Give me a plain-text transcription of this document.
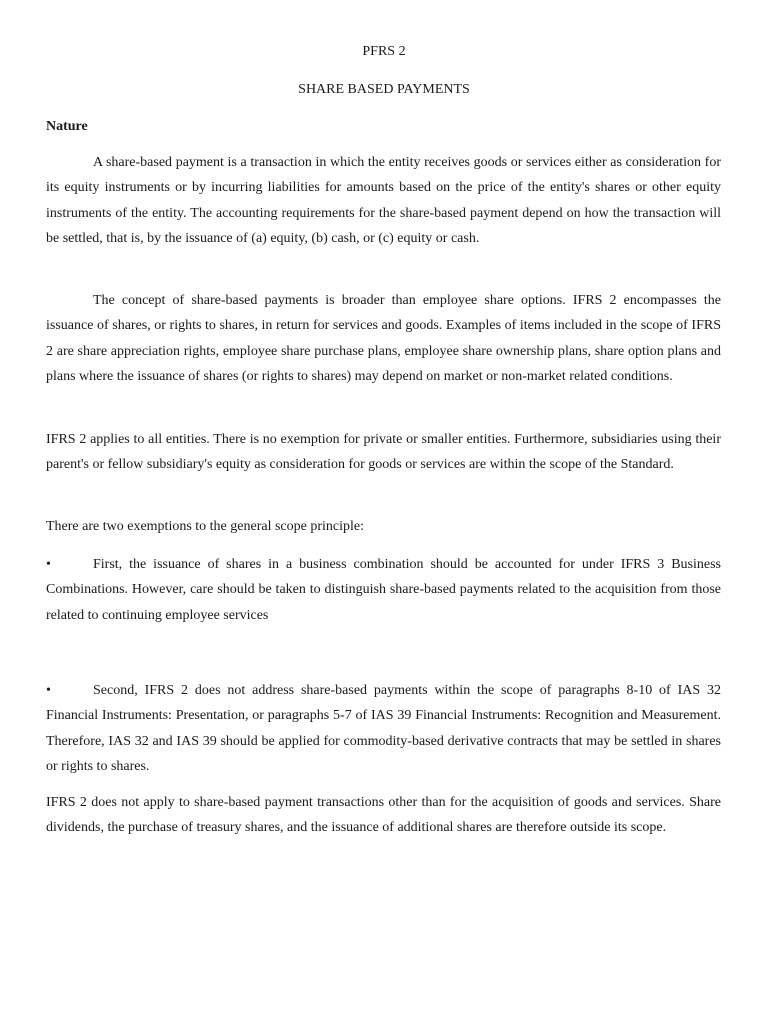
PFRS 2
SHARE BASED PAYMENTS
Nature

A share-based payment is a transaction in which the entity receives goods or services either as consideration for its equity instruments or by incurring liabilities for amounts based on the price of the entity's shares or other equity instruments of the entity. The accounting requirements for the share-based payment depend on how the transaction will be settled, that is, by the issuance of (a) equity, (b) cash, or (c) equity or cash.

The concept of share-based payments is broader than employee share options. IFRS 2 encompasses the issuance of shares, or rights to shares, in return for services and goods. Examples of items included in the scope of IFRS 2 are share appreciation rights, employee share purchase plans, employee share ownership plans, share option plans and plans where the issuance of shares (or rights to shares) may depend on market or non-market related conditions.

IFRS 2 applies to all entities. There is no exemption for private or smaller entities. Furthermore, subsidiaries using their parent's or fellow subsidiary's equity as consideration for goods or services are within the scope of the Standard.

There are two exemptions to the general scope principle:

•	First, the issuance of shares in a business combination should be accounted for under IFRS 3 Business Combinations. However, care should be taken to distinguish share-based payments related to the acquisition from those related to continuing employee services

•	Second, IFRS 2 does not address share-based payments within the scope of paragraphs 8-10 of IAS 32 Financial Instruments: Presentation, or paragraphs 5-7 of IAS 39 Financial Instruments: Recognition and Measurement. Therefore, IAS 32 and IAS 39 should be applied for commodity-based derivative contracts that may be settled in shares or rights to shares.

IFRS 2 does not apply to share-based payment transactions other than for the acquisition of goods and services. Share dividends, the purchase of treasury shares, and the issuance of additional shares are therefore outside its scope.
